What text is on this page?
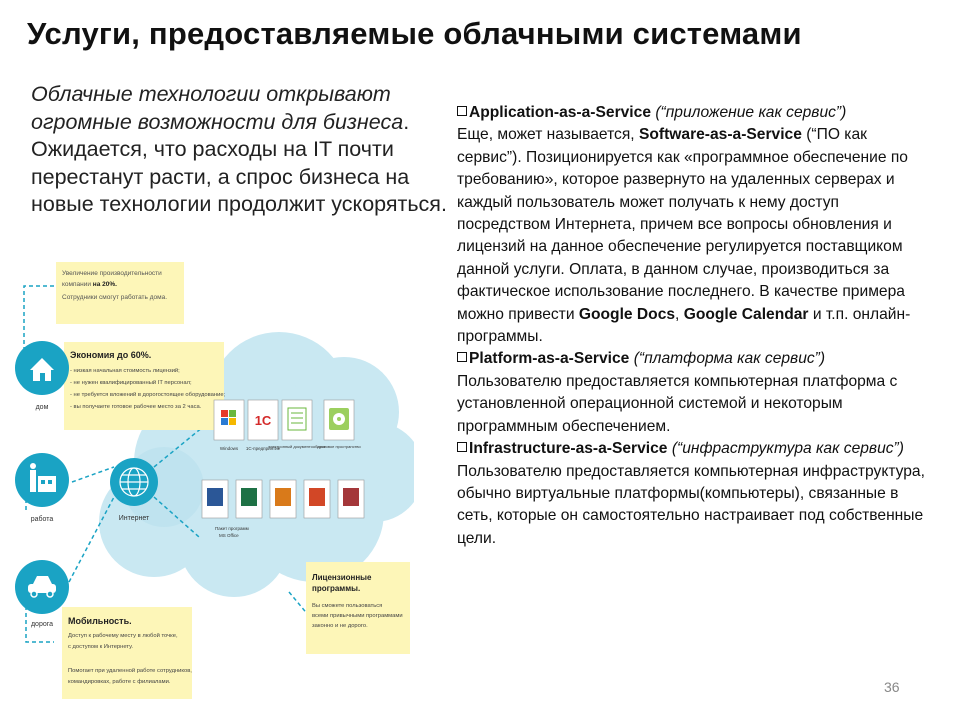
Услуги, предоставляемые облачными системами
Облачные технологии открывают огромные возможности для бизнеса. Ожидается, что расходы на IT почти перестанут расти, а спрос бизнеса на новые технологии продолжит ускоряться.

Application-as-a-Service (“приложение как сервис”)
Еще, может называется, Software-as-a-Service (“ПО как сервис”). Позиционируется как «программное обеспечение по требованию», которое развернуто на удаленных серверах и каждый пользователь может получать к нему доступ посредством Интернета, причем все вопросы обновления и лицензий на данное обеспечение регулируется поставщиком данной услуги. Оплата, в данном случае, производиться за фактическое использование последнего. В качестве примера можно привести Google Docs, Google Calendar и т.п. онлайн-программы.

Platform-as-a-Service (“платформа как сервис”)
Пользователю предоставляется компьютерная платформа с установленной операционной системой и некоторым программным обеспечением.

Infrastructure-as-a-Service (“инфраструктура как сервис”)
Пользователю предоставляется компьютерная инфраструктура, обычно виртуальные платформы(компьютеры), связанные в сеть, которые он самостоятельно настраивает под собственные цели.

Увеличение производительности
компании на 20%.
Сотрудники смогут работать дома.
Экономия до 60%.
- низкая начальная стоимость лицензий;
- не нужен квалифицированный IT персонал;
- не требуется вложений в дорогостоящее оборудование;
- вы получаете готовое рабочее место за 2 часа.
Мобильность.
Доступ к рабочему месту в любой точке,
с доступом к Интернету.
Помогает при удаленной работе сотрудников,
командировках, работе с филиалами.
Лицензионные
программы.
Вы сможете пользоваться
всеми привычными программами
законно и не дорого.
дом
работа
дорога
Интернет
Windows
1С
1С-предприятие
электронный документооборот
дисковое пространство
Пакет программ
MS Office
36
